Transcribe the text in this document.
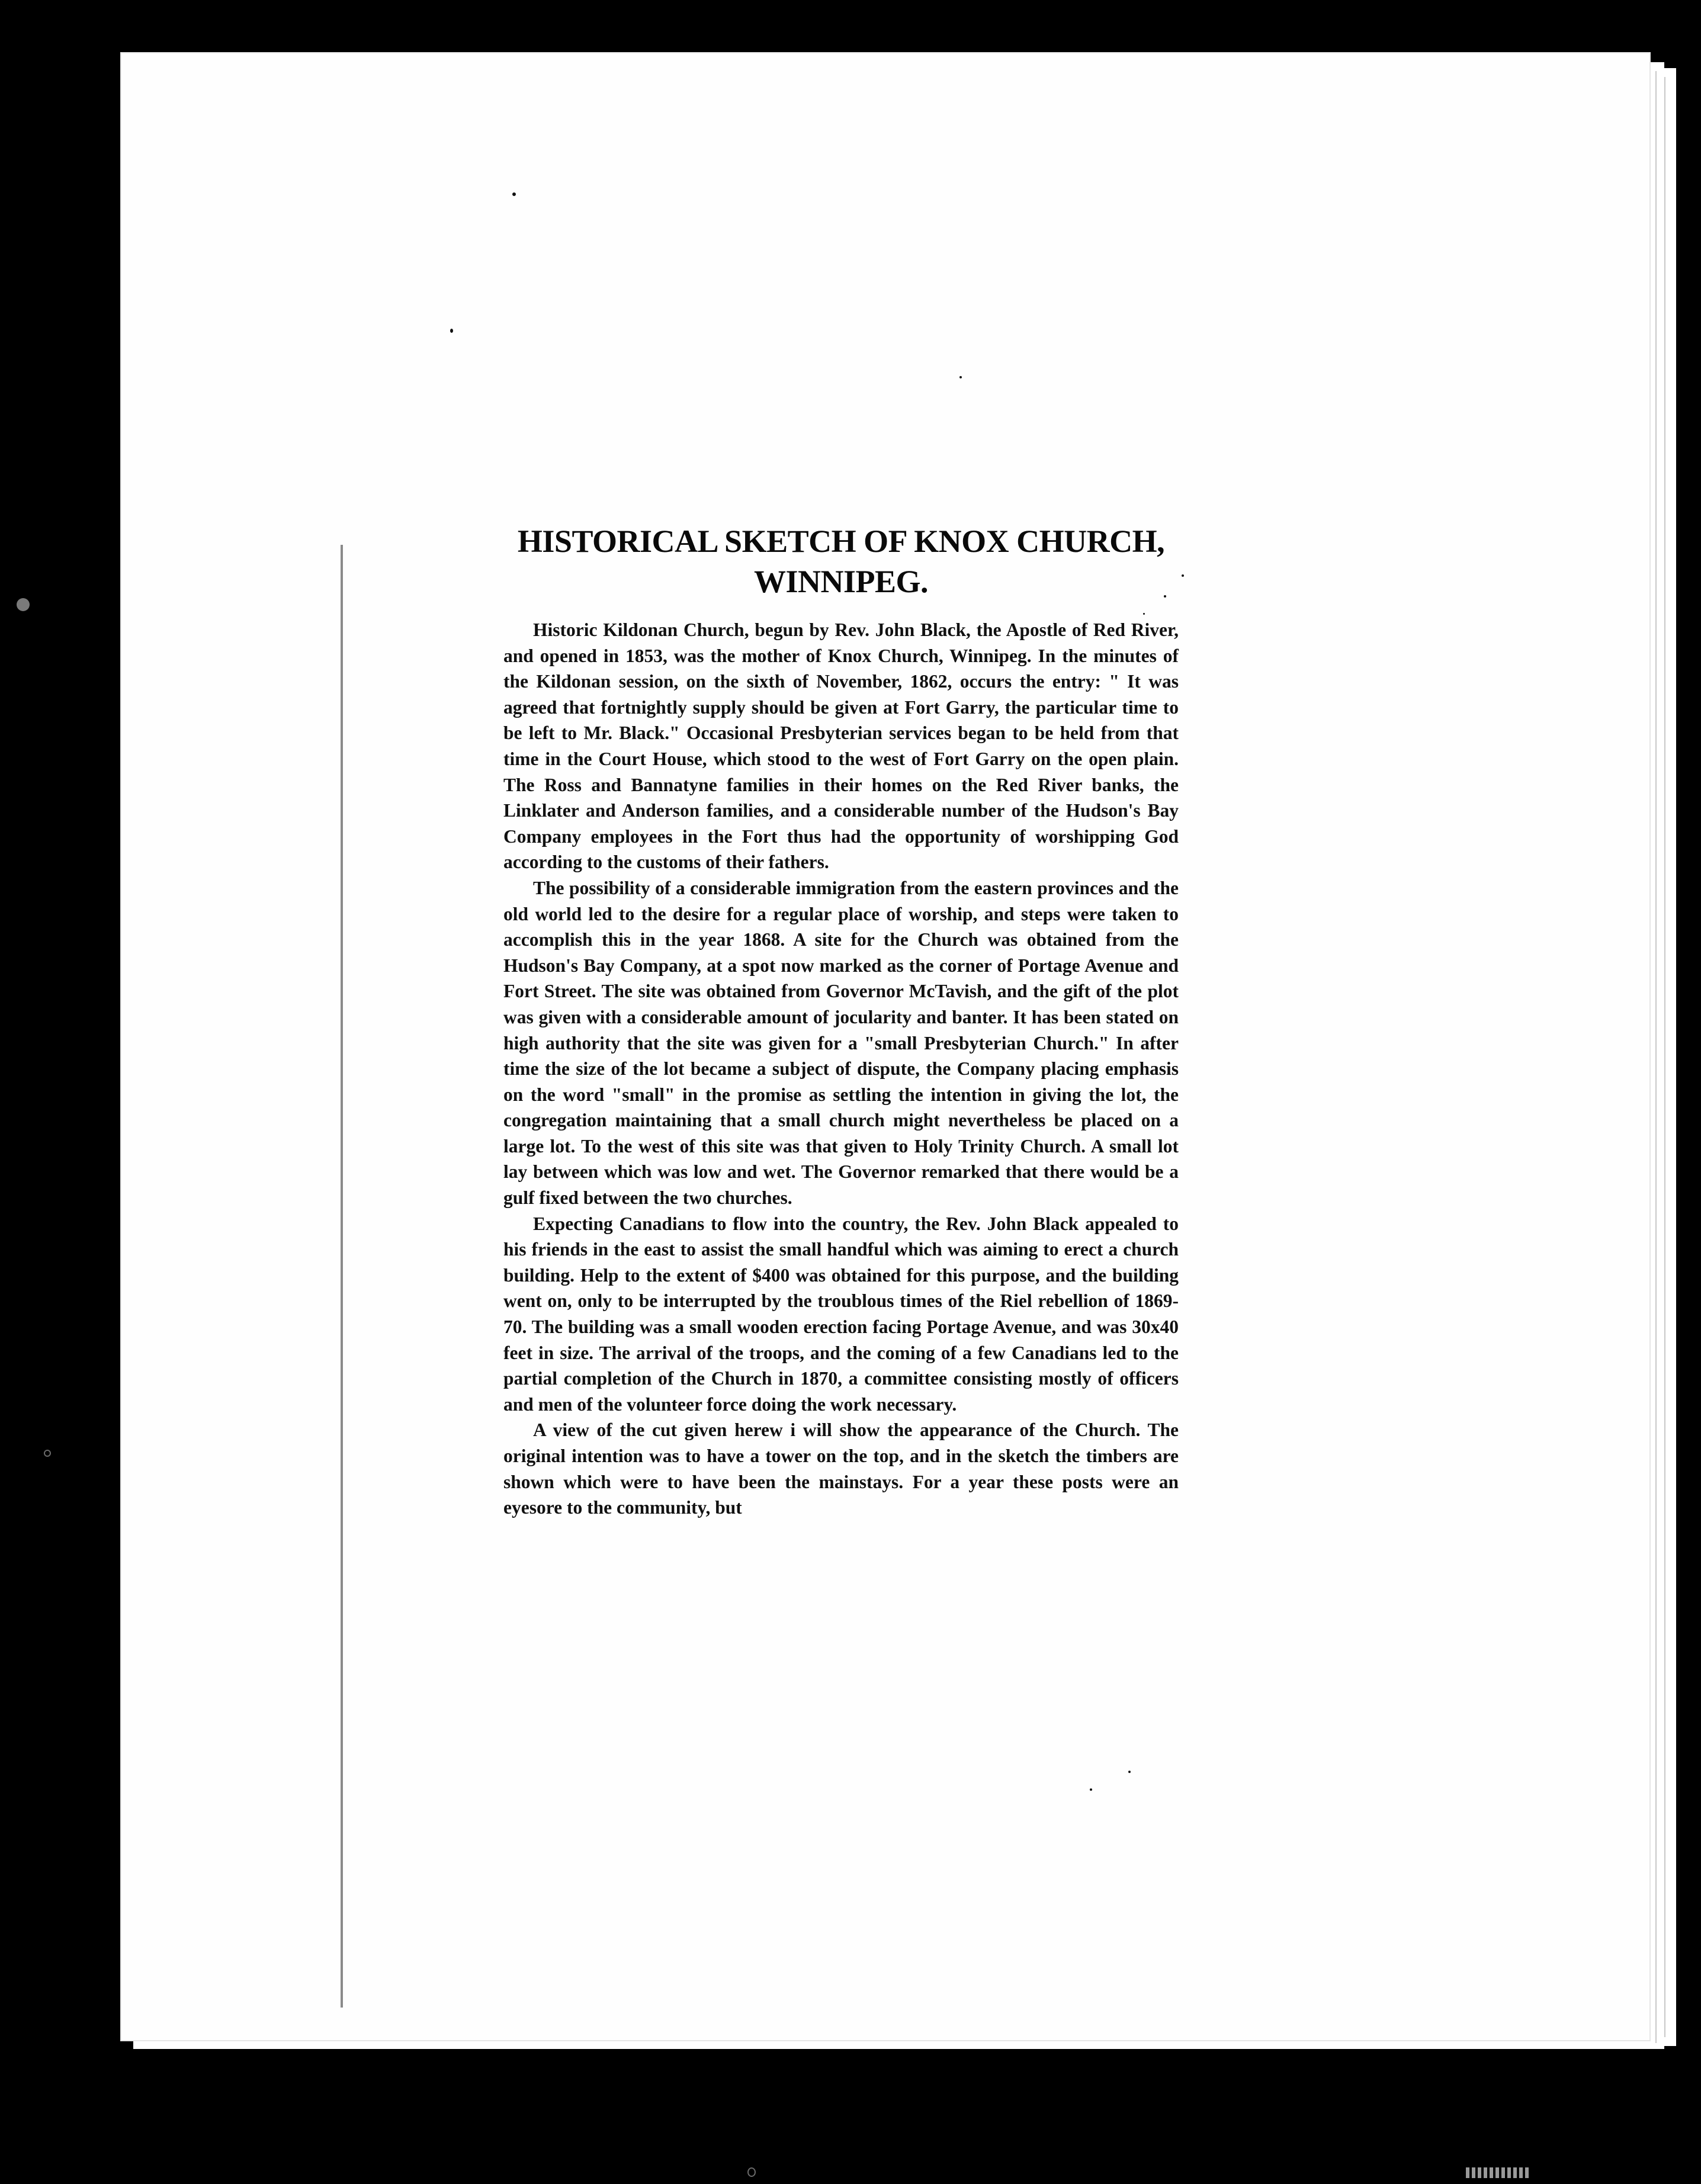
HISTORICAL SKETCH OF KNOX CHURCH,
WINNIPEG.

Historic Kildonan Church, begun by Rev. John Black, the Apostle of Red River, and opened in 1853, was the mother of Knox Church, Winnipeg. In the minutes of the Kildonan session, on the sixth of November, 1862, occurs the entry: " It was agreed that fortnightly supply should be given at Fort Garry, the particular time to be left to Mr. Black." Occasional Presbyterian services began to be held from that time in the Court House, which stood to the west of Fort Garry on the open plain. The Ross and Bannatyne families in their homes on the Red River banks, the Linklater and Anderson families, and a considerable number of the Hudson's Bay Company employees in the Fort thus had the opportunity of worshipping God according to the customs of their fathers.

The possibility of a considerable immigration from the eastern provinces and the old world led to the desire for a regular place of worship, and steps were taken to accomplish this in the year 1868. A site for the Church was obtained from the Hudson's Bay Company, at a spot now marked as the corner of Portage Avenue and Fort Street. The site was obtained from Governor McTavish, and the gift of the plot was given with a considerable amount of jocularity and banter. It has been stated on high authority that the site was given for a "small Presbyterian Church." In after time the size of the lot became a subject of dispute, the Company placing emphasis on the word "small" in the promise as settling the intention in giving the lot, the congregation maintaining that a small church might nevertheless be placed on a large lot. To the west of this site was that given to Holy Trinity Church. A small lot lay between which was low and wet. The Governor remarked that there would be a gulf fixed between the two churches.

Expecting Canadians to flow into the country, the Rev. John Black appealed to his friends in the east to assist the small handful which was aiming to erect a church building. Help to the extent of $400 was obtained for this purpose, and the building went on, only to be interrupted by the troublous times of the Riel rebellion of 1869-70. The building was a small wooden erection facing Portage Avenue, and was 30x40 feet in size. The arrival of the troops, and the coming of a few Canadians led to the partial completion of the Church in 1870, a committee consisting mostly of officers and men of the volunteer force doing the work necessary.

A view of the cut given herew i will show the appearance of the Church. The original intention was to have a tower on the top, and in the sketch the timbers are shown which were to have been the mainstays. For a year these posts were an eyesore to the community, but
